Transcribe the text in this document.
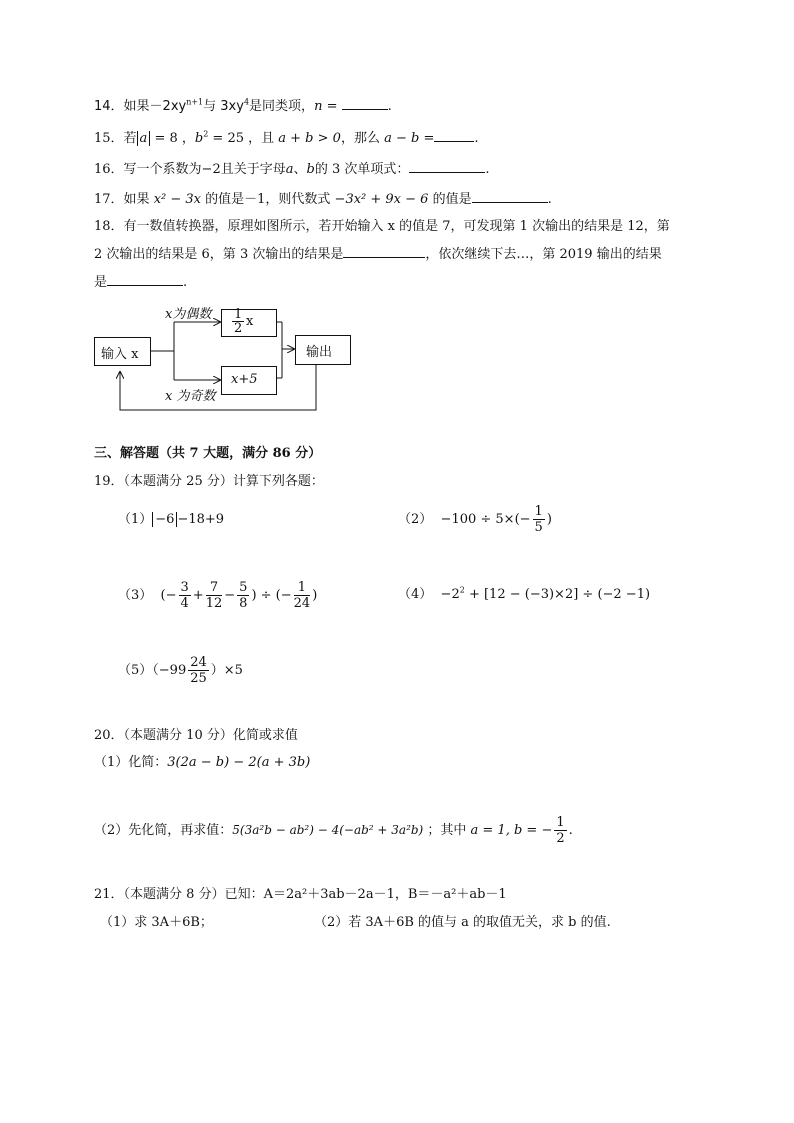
14．如果$-2xy^{n+1}$与 $3xy^4$是同类项，n =	.
15．若 a = 8 ，$b^2 = 25$ ，且 a + b > 0，那么 a − b =	.
16．写一个系数为−2且关于字母a、b的 3 次单项式：	.
17．如果 x² − 3x 的值是－1，则代数式 −3x² + 9x − 6 的值是	.
18．有一数值转换器，原理如图所示，若开始输入 x 的值是 7，可发现第 1 次输出的结果是 12，第
2 次输出的结果是 6，第 3 次输出的结果是	，依次继续下去…，第 2019 输出的结果
是	.
输入 x
x为偶数 $\frac{1}{2}$ x
x+5
x 为奇数
输出
三、解答题（共 7 大题，满分 86 分）
19．（本题满分 25 分）计算下列各题：
（1） −6 −18+9	$(2) -100 \div 5\times(- \frac{1}{5}$ )
（3） (− $\frac{3}{4} + \frac{7}{12} - \frac{5}{8}$ ) ÷ (− $\frac{1}{24}$ )	$(4) -2^2 + [12 - (-3)\times 2] \div (-2 -1)$
$(5)(-99 \frac{24}{25} )\times 5$
20．（本题满分 10 分）化简或求值
（1）化简：3(2a − b) − 2(a + 3b)
（2）先化简，再求值：5(3a²b − ab²) − 4(−ab² + 3a²b) ；其中 a = 1, b = − $\frac{1}{2}$ .
21．（本题满分 8 分）已知：A＝2a²＋3ab－2a－1，B＝－a²＋ab－1
（1）求 3A＋6B；	（2）若 3A＋6B 的值与 a 的取值无关，求 b 的值.
